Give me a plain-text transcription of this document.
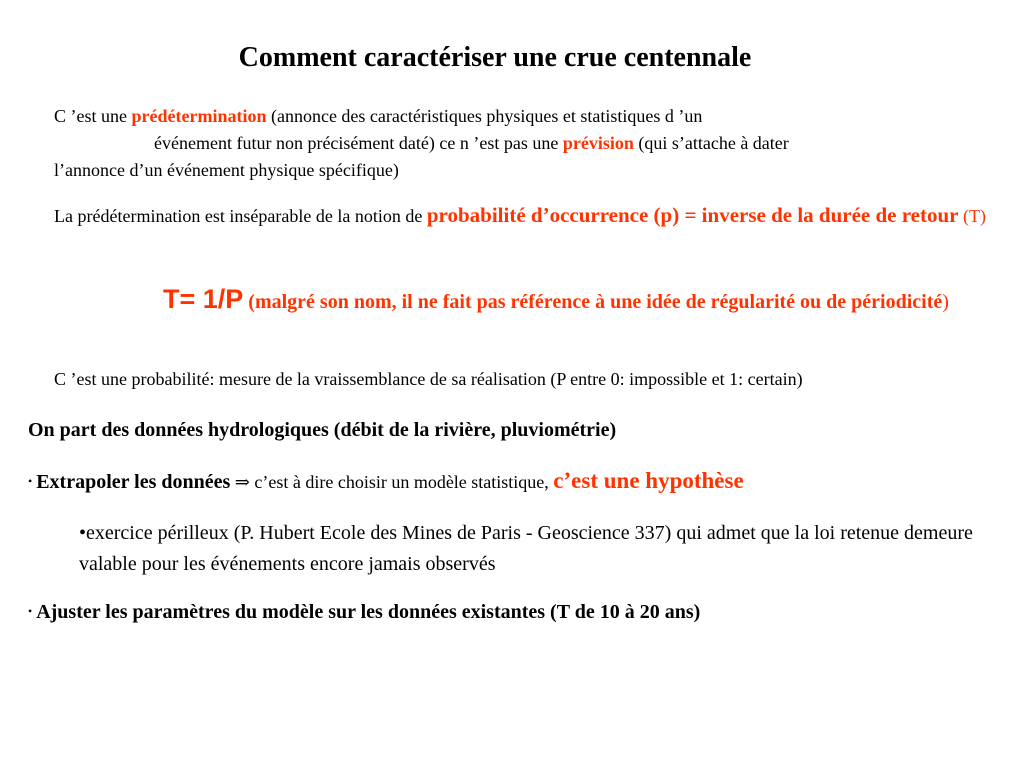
Comment caractériser une crue centennale
C ’est une prédétermination (annonce des caractéristiques physiques et statistiques d ’un
événement futur non précisément daté) ce n ’est pas une prévision (qui s’attache à dater
l’annonce d’un événement physique spécifique)
La prédétermination est inséparable de la notion de probabilité d’occurrence (p) = inverse de la durée de retour (T)
T= 1/P (malgré son nom, il ne fait pas référence à une idée de régularité ou de périodicité)
C ’est une probabilité: mesure de la vraissemblance de sa réalisation (P entre 0: impossible et 1: certain)
On part des données hydrologiques (débit de la rivière, pluviométrie)
• Extrapoler les données ⇒ c’est à dire choisir un modèle statistique, c’est une hypothèse
•exercice périlleux (P. Hubert Ecole des Mines de Paris - Geoscience 337) qui admet que la loi retenue demeure valable pour les événements encore jamais observés
• Ajuster les paramètres du modèle sur les données existantes (T de 10 à 20 ans)
